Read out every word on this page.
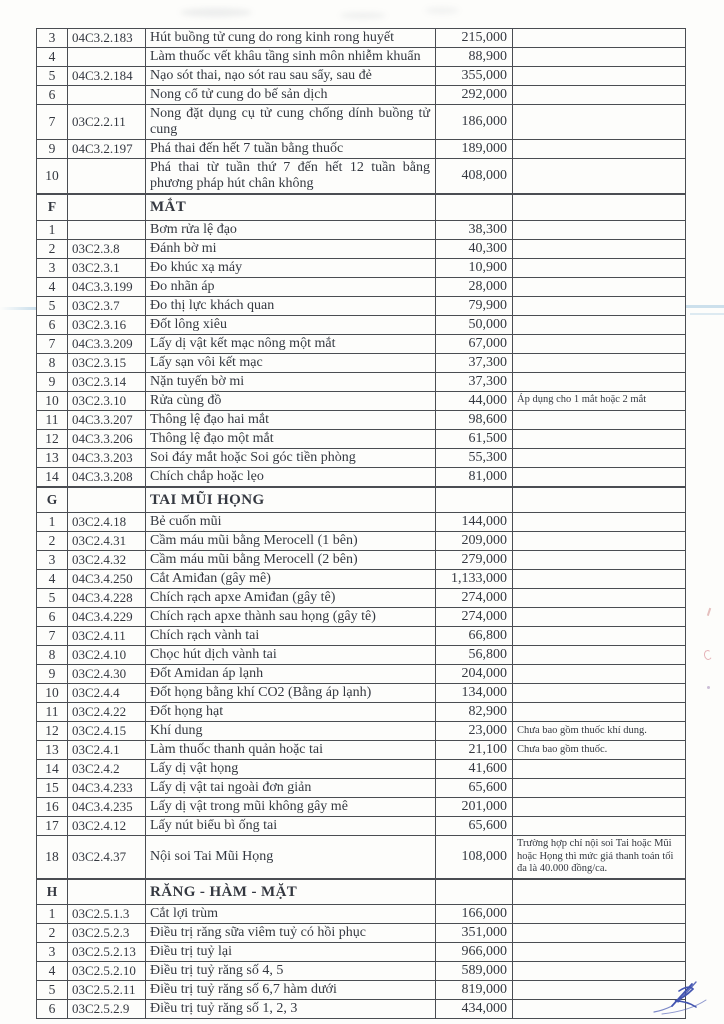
3	04C3.2.183	Hút buồng tử cung do rong kinh rong huyết	215,000	
4		Làm thuốc vết khâu tầng sinh môn nhiễm khuẩn	88,900	
5	04C3.2.184	Nạo sót thai, nạo sót rau sau sẩy, sau đẻ	355,000	
6		Nong cổ tử cung do bế sản dịch	292,000	
7	03C2.2.11	Nong đặt dụng cụ tử cung chống dính buồng tử cung	186,000	
9	04C3.2.197	Phá thai đến hết 7 tuần bằng thuốc	189,000	
10		Phá thai từ tuần thứ 7 đến hết 12 tuần bằng phương pháp hút chân không	408,000	
F		MẮT		
1		Bơm rửa lệ đạo	38,300	
2	03C2.3.8	Đánh bờ mi	40,300	
3	03C2.3.1	Đo khúc xạ máy	10,900	
4	04C3.3.199	Đo nhãn áp	28,000	
5	03C2.3.7	Đo thị lực khách quan	79,900	
6	03C2.3.16	Đốt lông xiêu	50,000	
7	04C3.3.209	Lấy dị vật kết mạc nông một mắt	67,000	
8	03C2.3.15	Lấy sạn vôi kết mạc	37,300	
9	03C2.3.14	Nặn tuyến bờ mi	37,300	
10	03C2.3.10	Rửa cùng đồ	44,000	Áp dụng cho 1 mắt hoặc 2 mắt
11	04C3.3.207	Thông lệ đạo hai mắt	98,600	
12	04C3.3.206	Thông lệ đạo một mắt	61,500	
13	04C3.3.203	Soi đáy mắt hoặc Soi góc tiền phòng	55,300	
14	04C3.3.208	Chích chắp hoặc lẹo	81,000	
G		TAI MŨI HỌNG		
1	03C2.4.18	Bẻ cuốn mũi	144,000	
2	03C2.4.31	Cầm máu mũi bằng Merocell (1 bên)	209,000	
3	03C2.4.32	Cầm máu mũi bằng Merocell (2 bên)	279,000	
4	04C3.4.250	Cắt Amiđan (gây mê)	1,133,000	
5	04C3.4.228	Chích rạch apxe Amiđan (gây tê)	274,000	
6	04C3.4.229	Chích rạch apxe thành sau họng (gây tê)	274,000	
7	03C2.4.11	Chích rạch vành tai	66,800	
8	03C2.4.10	Chọc hút dịch vành tai	56,800	
9	03C2.4.30	Đốt Amidan áp lạnh	204,000	
10	03C2.4.4	Đốt họng bằng khí CO2 (Bằng áp lạnh)	134,000	
11	03C2.4.22	Đốt họng hạt	82,900	
12	03C2.4.15	Khí dung	23,000	Chưa bao gồm thuốc khí dung.
13	03C2.4.1	Làm thuốc thanh quản hoặc tai	21,100	Chưa bao gồm thuốc.
14	03C2.4.2	Lấy dị vật họng	41,600	
15	04C3.4.233	Lấy dị vật tai ngoài đơn giản	65,600	
16	04C3.4.235	Lấy dị vật trong mũi không gây mê	201,000	
17	03C2.4.12	Lấy nút biểu bì ống tai	65,600	
18	03C2.4.37	Nội soi Tai Mũi Họng	108,000	Trường hợp chỉ nội soi Tai hoặc Mũi hoặc Họng thì mức giá thanh toán tối đa là 40.000 đồng/ca.
H		RĂNG - HÀM - MẶT		
1	03C2.5.1.3	Cắt lợi trùm	166,000	
2	03C2.5.2.3	Điều trị răng sữa viêm tuỷ có hồi phục	351,000	
3	03C2.5.2.13	Điều trị tuỷ lại	966,000	
4	03C2.5.2.10	Điều trị tuỷ răng số 4, 5	589,000	
5	03C2.5.2.11	Điều trị tuỷ răng số 6,7 hàm dưới	819,000	
6	03C2.5.2.9	Điều trị tuỷ răng số 1, 2, 3	434,000	
